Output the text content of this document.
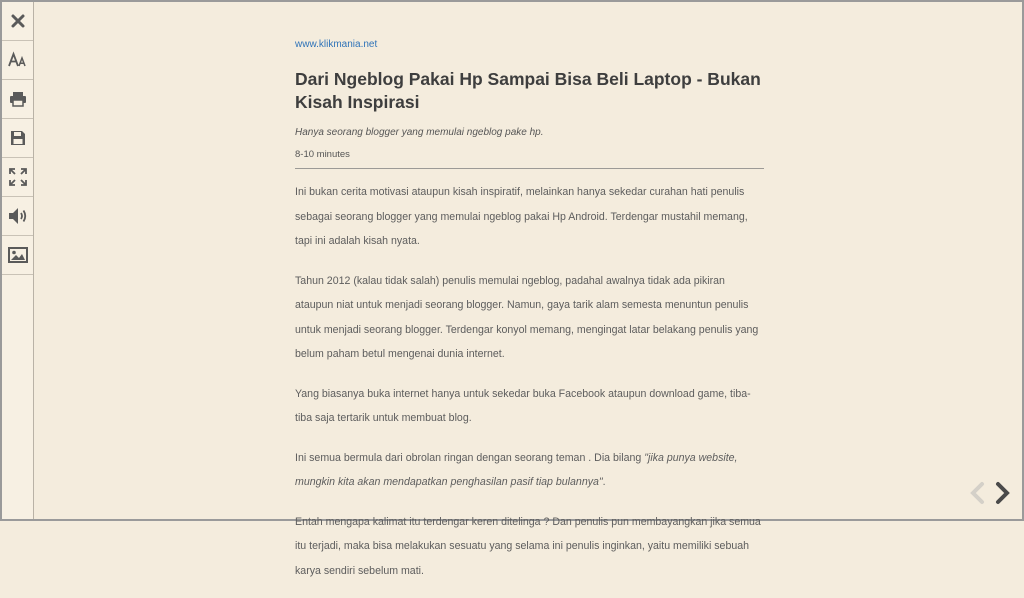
www.klikmania.net
Dari Ngeblog Pakai Hp Sampai Bisa Beli Laptop - Bukan Kisah Inspirasi
Hanya seorang blogger yang memulai ngeblog pake hp.
8-10 minutes

Ini bukan cerita motivasi ataupun kisah inspiratif, melainkan hanya sekedar curahan hati penulis sebagai seorang blogger yang memulai ngeblog pakai Hp Android. Terdengar mustahil memang, tapi ini adalah kisah nyata.

Tahun 2012 (kalau tidak salah) penulis memulai ngeblog, padahal awalnya tidak ada pikiran ataupun niat untuk menjadi seorang blogger. Namun, gaya tarik alam semesta menuntun penulis untuk menjadi seorang blogger. Terdengar konyol memang, mengingat latar belakang penulis yang belum paham betul mengenai dunia internet.

Yang biasanya buka internet hanya untuk sekedar buka Facebook ataupun download game, tiba-tiba saja tertarik untuk membuat blog.

Ini semua bermula dari obrolan ringan dengan seorang teman . Dia bilang "jika punya website, mungkin kita akan mendapatkan penghasilan pasif tiap bulannya".

Entah mengapa kalimat itu terdengar keren ditelinga ? Dan penulis pun membayangkan jika semua itu terjadi, maka bisa melakukan sesuatu yang selama ini penulis inginkan, yaitu memiliki sebuah karya sendiri sebelum mati.
